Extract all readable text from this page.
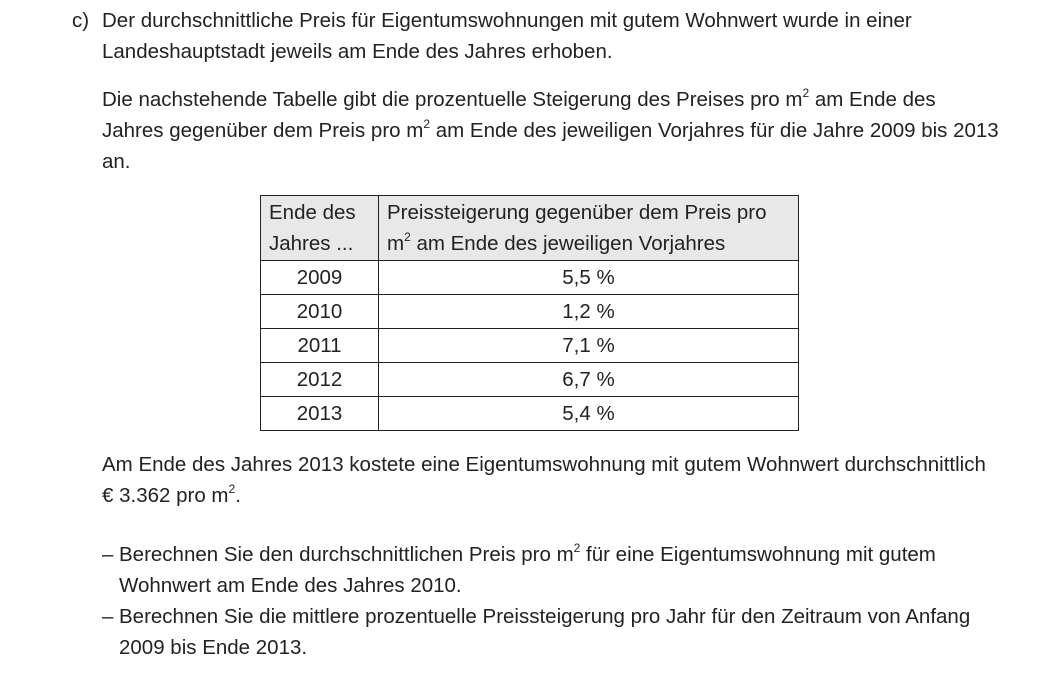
c) Der durchschnittliche Preis für Eigentumswohnungen mit gutem Wohnwert wurde in einer Landeshauptstadt jeweils am Ende des Jahres erhoben.

Die nachstehende Tabelle gibt die prozentuelle Steigerung des Preises pro $m^2$ am Ende des Jahres gegenüber dem Preis pro $m^2$ am Ende des jeweiligen Vorjahres für die Jahre 2009 bis 2013 an.

Ende des Jahres ...	Preissteigerung gegenüber dem Preis pro $m^2$ am Ende des jeweiligen Vorjahres
2009	5,5 %
2010	1,2 %
2011	7,1 %
2012	6,7 %
2013	5,4 %

Am Ende des Jahres 2013 kostete eine Eigentumswohnung mit gutem Wohnwert durchschnittlich € 3.362 pro $m^2$.

– Berechnen Sie den durchschnittlichen Preis pro $m^2$ für eine Eigentumswohnung mit gutem Wohnwert am Ende des Jahres 2010.
– Berechnen Sie die mittlere prozentuelle Preissteigerung pro Jahr für den Zeitraum von Anfang 2009 bis Ende 2013.
